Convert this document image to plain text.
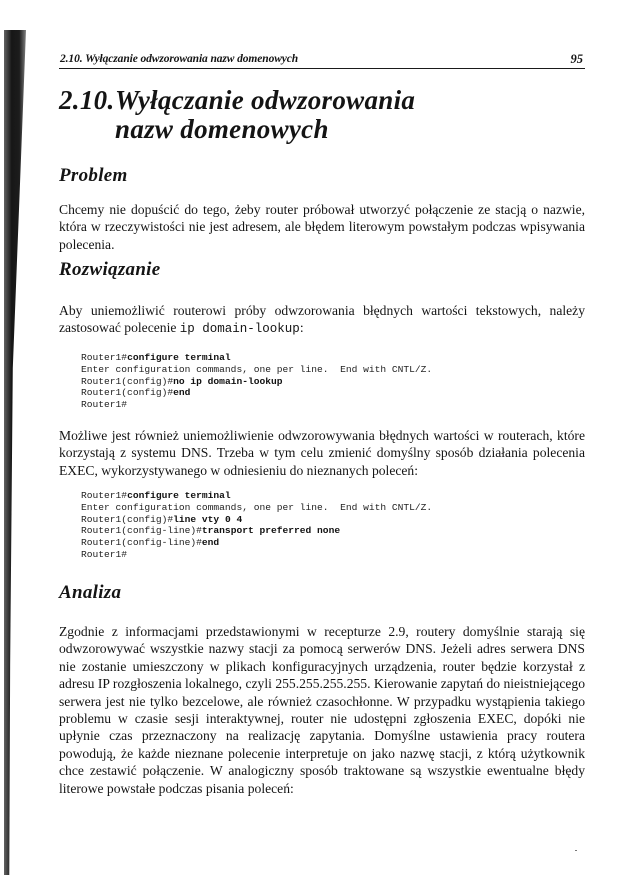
2.10. Wyłączanie odwzorowania nazw domenowych	95
2.10.Wyłączanie odwzorowania
nazw domenowych
Problem

Chcemy nie dopuścić do tego, żeby router próbował utworzyć połączenie ze stacją o nazwie, która w rzeczywistości nie jest adresem, ale błędem literowym powstałym podczas wpisywania polecenia.

Rozwiązanie

Aby uniemożliwić routerowi próby odwzorowania błędnych wartości tekstowych, należy zastosować polecenie ip domain-lookup:

Router1#configure terminal
Enter configuration commands, one per line.  End with CNTL/Z.
Router1(config)#no ip domain-lookup
Router1(config)#end
Router1#

Możliwe jest również uniemożliwienie odwzorowywania błędnych wartości w routerach, które korzystają z systemu DNS. Trzeba w tym celu zmienić domyślny sposób działania polecenia EXEC, wykorzystywanego w odniesieniu do nieznanych poleceń:

Router1#configure terminal
Enter configuration commands, one per line.  End with CNTL/Z.
Router1(config)#line vty 0 4
Router1(config-line)#transport preferred none
Router1(config-line)#end
Router1#
Analiza

Zgodnie z informacjami przedstawionymi w recepturze 2.9, routery domyślnie starają się odwzorowywać wszystkie nazwy stacji za pomocą serwerów DNS. Jeżeli adres serwera DNS nie zostanie umieszczony w plikach konfiguracyjnych urządzenia, router będzie korzystał z adresu IP rozgłoszenia lokalnego, czyli 255.255.255.255. Kierowanie zapytań do nieistniejącego serwera jest nie tylko bezcelowe, ale również czasochłonne. W przypadku wystąpienia takiego problemu w czasie sesji interaktywnej, router nie udostępni zgłoszenia EXEC, dopóki nie upłynie czas przeznaczony na realizację zapytania. Domyślne ustawienia pracy routera powodują, że każde nieznane polecenie interpretuje on jako nazwę stacji, z którą użytkownik chce zestawić połączenie. W analogiczny sposób traktowane są wszystkie ewentualne błędy literowe powstałe podczas pisania poleceń:
